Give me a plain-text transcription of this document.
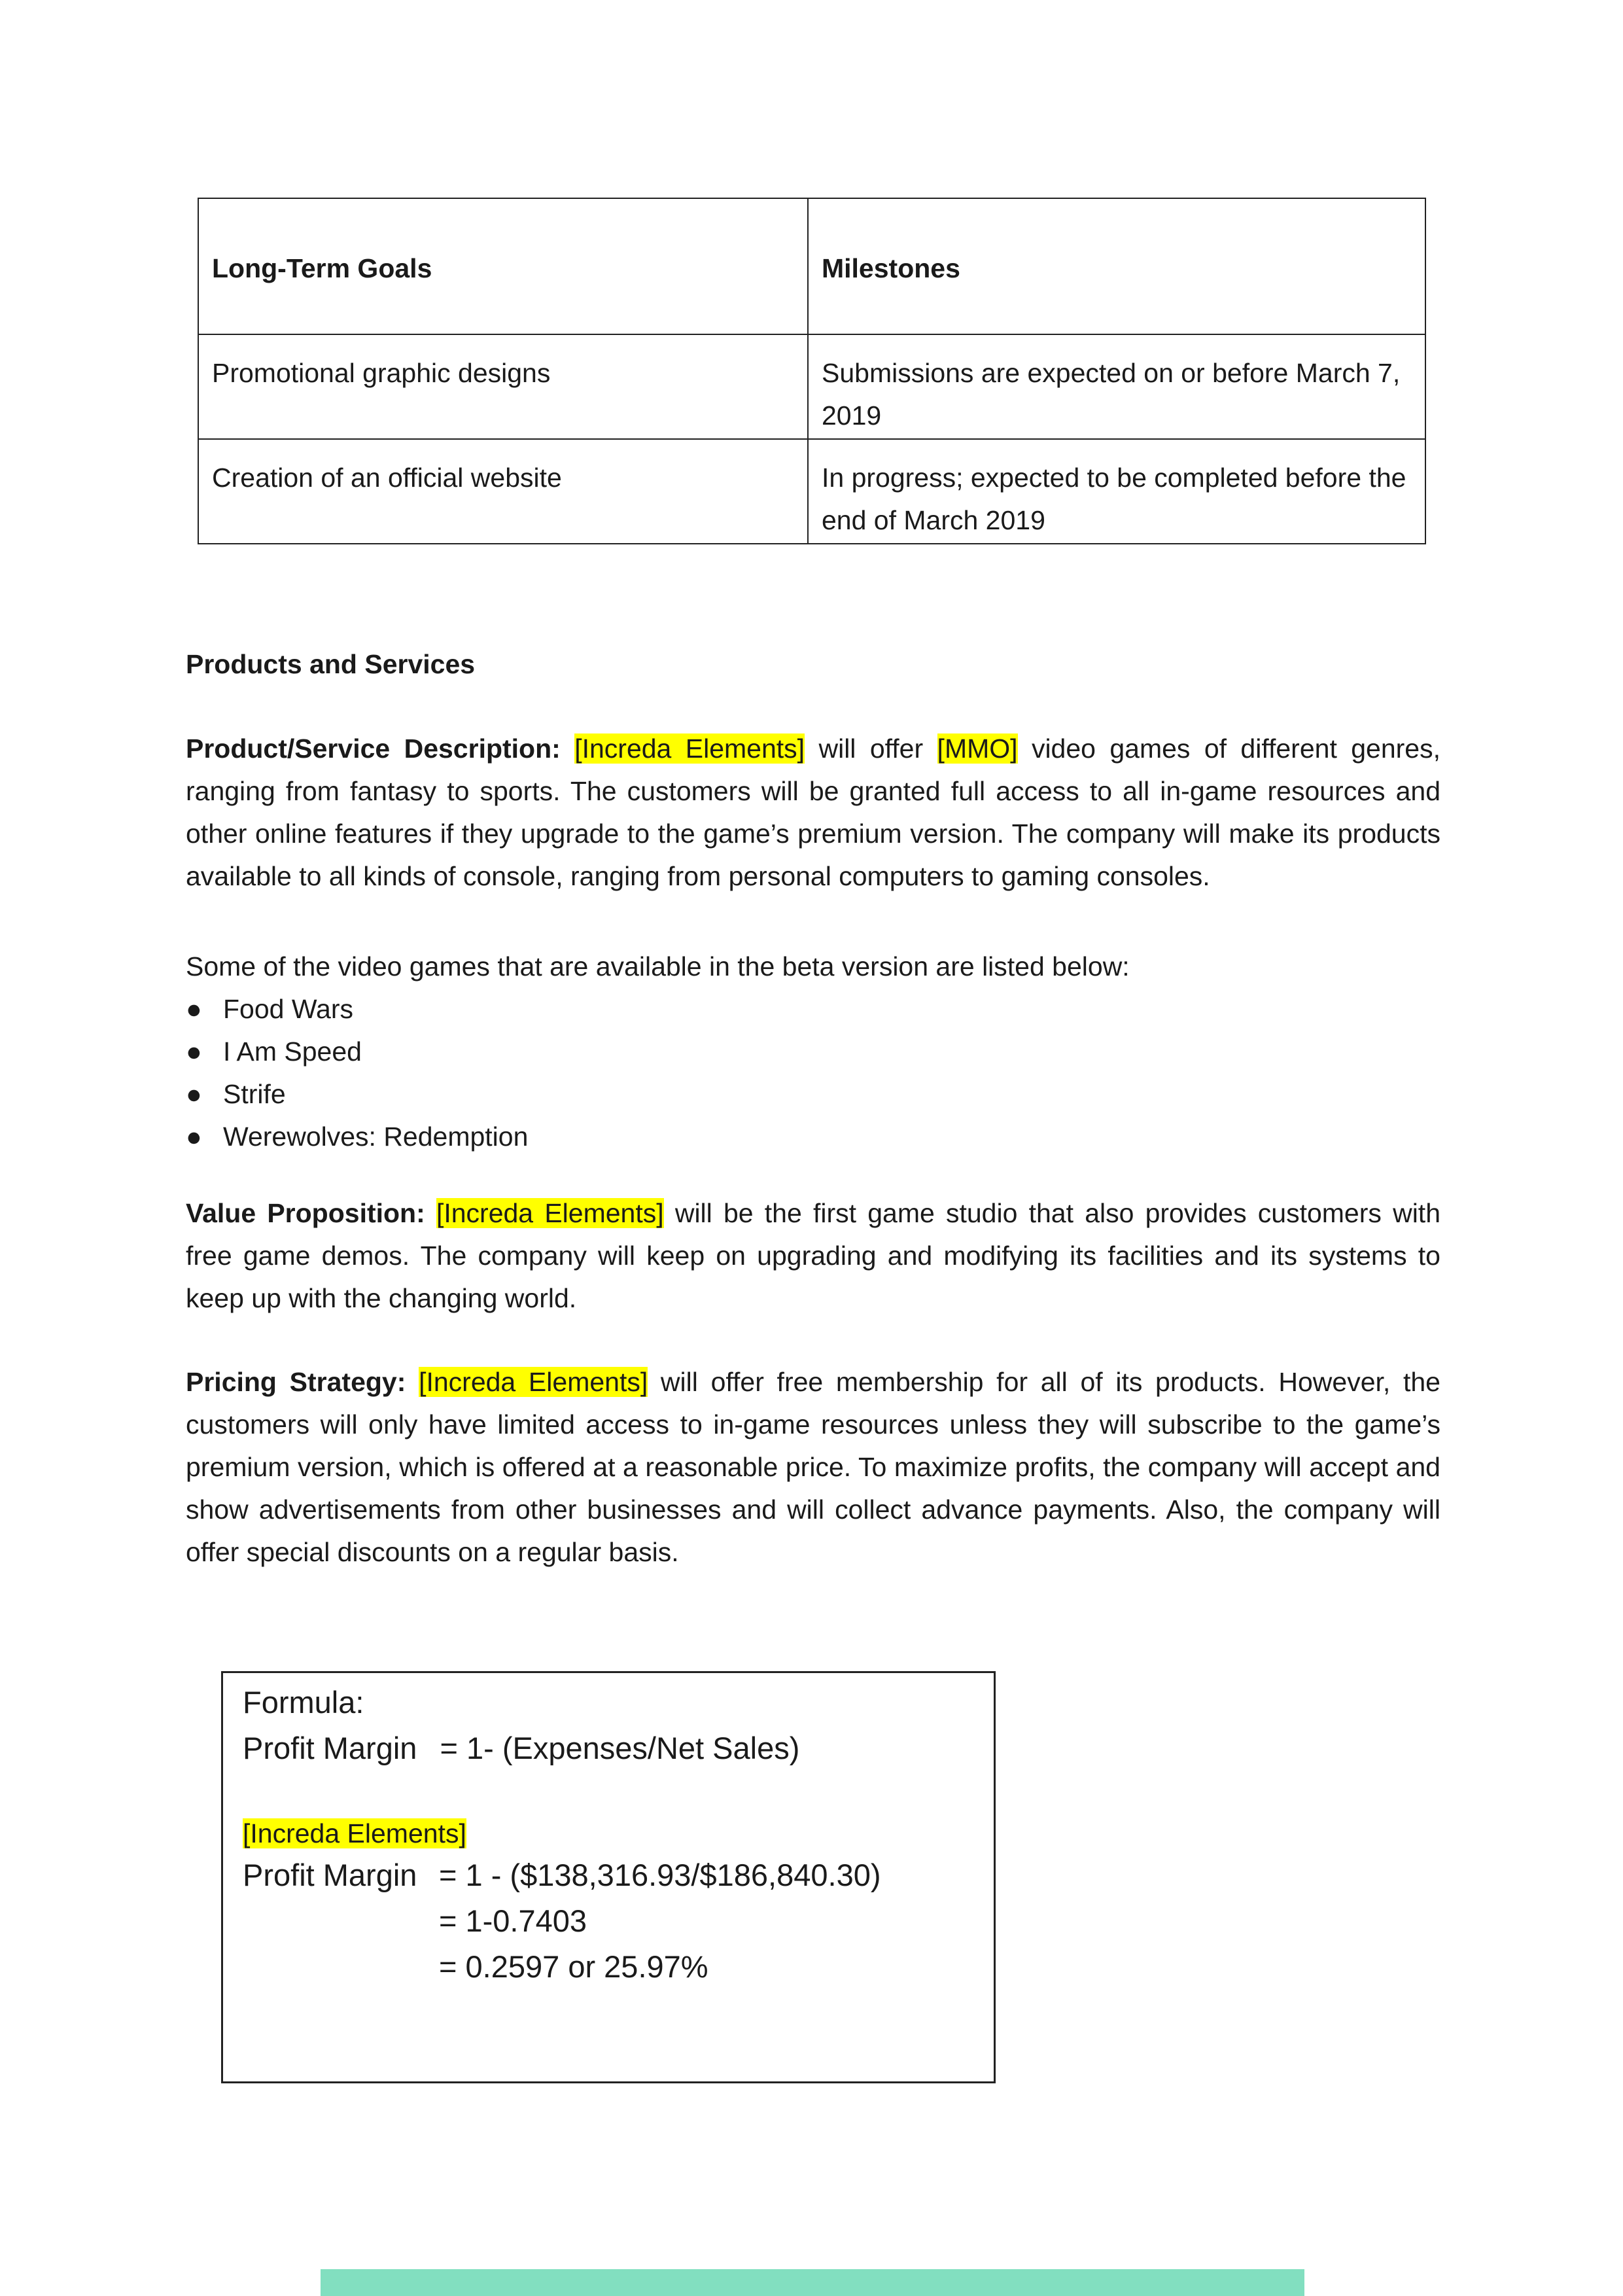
Long-Term Goals	Milestones
Promotional graphic designs	Submissions are expected on or before March 7, 2019
Creation of an official website	In progress; expected to be completed before the end of March 2019
Products and Services
Product/Service Description: [Increda Elements] will offer [MMO] video games of different genres, ranging from fantasy to sports. The customers will be granted full access to all in-game resources and other online features if they upgrade to the game’s premium version. The company will make its products available to all kinds of console, ranging from personal computers to gaming consoles.
Some of the video games that are available in the beta version are listed below:
● Food Wars
● I Am Speed
● Strife
● Werewolves: Redemption
Value Proposition: [Increda Elements] will be the first game studio that also provides customers with free game demos. The company will keep on upgrading and modifying its facilities and its systems to keep up with the changing world.
Pricing Strategy: [Increda Elements] will offer free membership for all of its products. However, the customers will only have limited access to in-game resources unless they will subscribe to the game’s premium version, which is offered at a reasonable price. To maximize profits, the company will accept and show advertisements from other businesses and will collect advance payments. Also, the company will offer special discounts on a regular basis.
Formula:
Profit Margin = 1- (Expenses/Net Sales)
[Increda Elements]
Profit Margin = 1 - ($138,316.93/$186,840.30)
= 1-0.7403
= 0.2597 or 25.97%
